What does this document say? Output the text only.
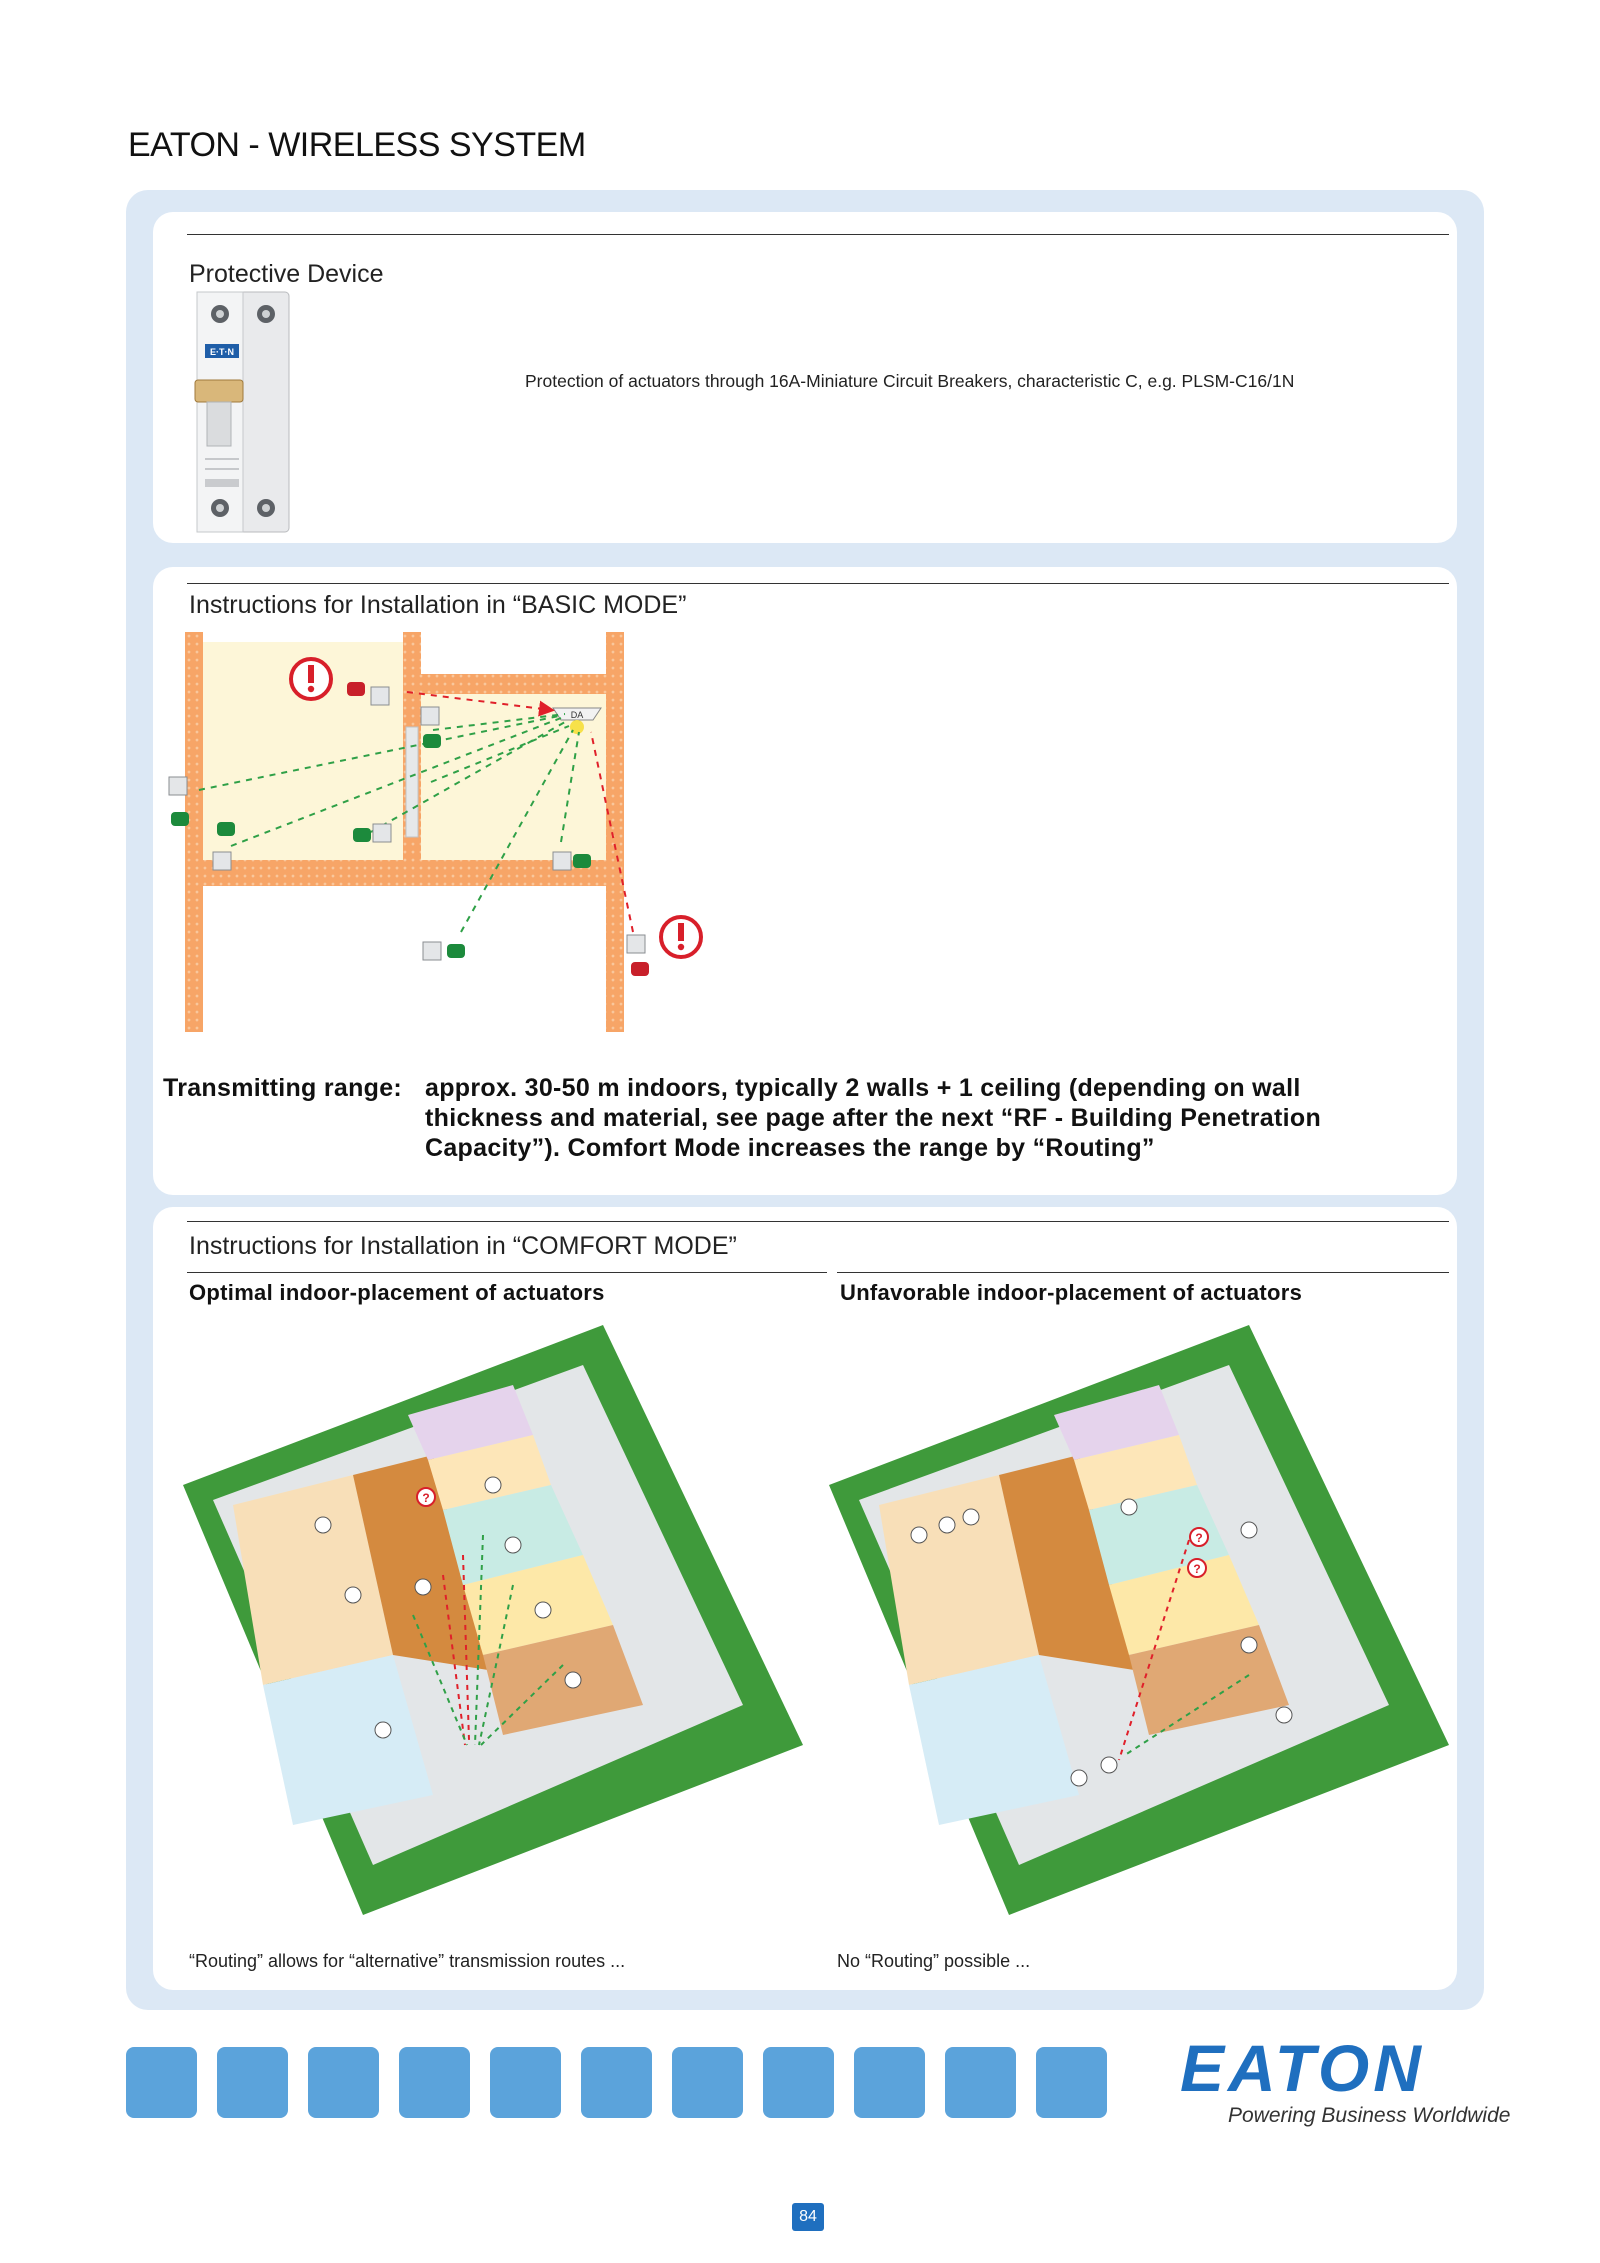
EATON - WIRELESS SYSTEM
Protective Device
E·T·N
Protection of actuators through 16A-Miniature Circuit Breakers, characteristic C, e.g. PLSM-C16/1N
Instructions for Installation in “BASIC MODE”
DA
Transmitting range: approx. 30-50 m indoors, typically 2 walls + 1 ceiling (depending on wall
thickness and material, see page after the next “RF - Building Penetration
Capacity”). Comfort Mode increases the range by “Routing”
Instructions for Installation in “COMFORT MODE”
Optimal indoor-placement of actuators	Unfavorable indoor-placement of actuators
?
?
?
“Routing” allows for “alternative” transmission routes ...	No “Routing” possible ...
EATON
Powering Business Worldwide
84
